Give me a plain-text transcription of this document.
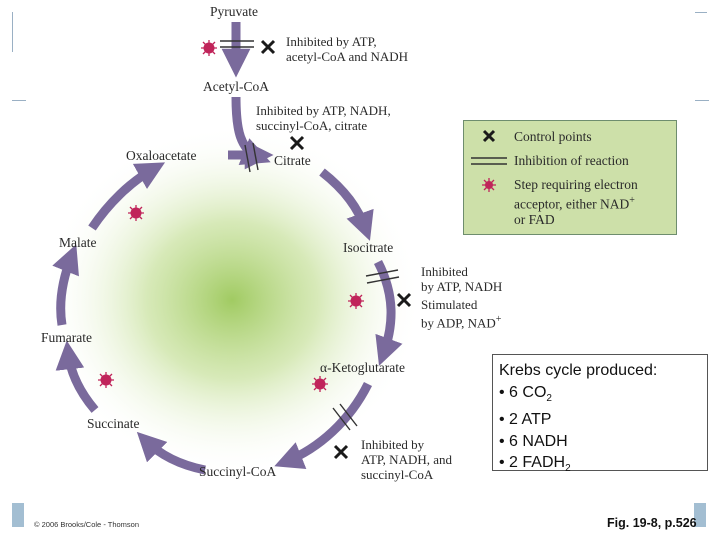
Pyruvate
Acetyl-CoA
Oxaloacetate	Citrate
Isocitrate
α-Ketoglutarate
Succinyl-CoA
Succinate
Fumarate
Malate
Inhibited by ATP,
acetyl-CoA and NADH
Inhibited by ATP, NADH,
succinyl-CoA, citrate
Inhibited
by ATP, NADH
Stimulated
by ADP, NAD+
Inhibited by
ATP, NADH, and
succinyl-CoA
Control points
Inhibition of reaction
Step requiring electron
acceptor, either NAD+
or FAD
Krebs cycle produced:
• 6 $CO_2$
• 2 ATP
• 6 NADH
• 2 $FADH_2$
© 2006 Brooks/Cole - Thomson	Fig. 19-8, p.526
